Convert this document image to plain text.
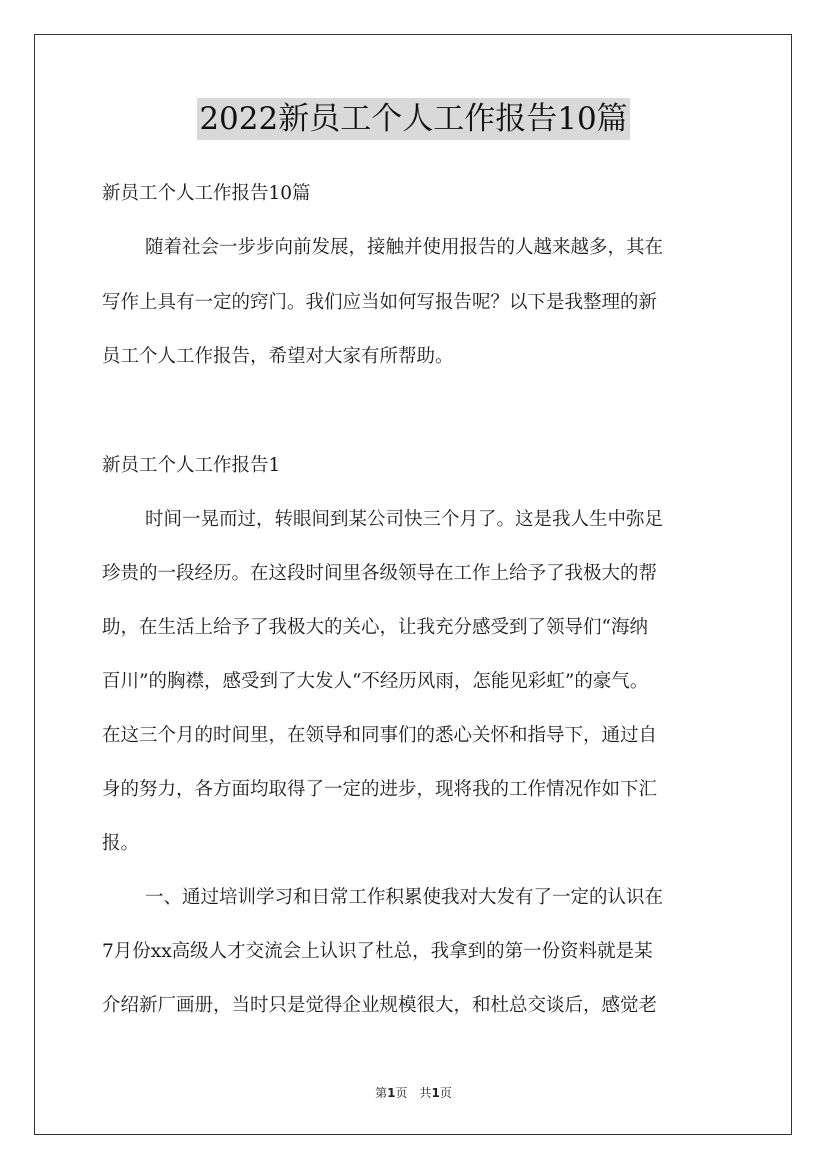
2022新员工个人工作报告10篇
新员工个人工作报告10篇
随着社会一步步向前发展，接触并使用报告的人越来越多，其在
写作上具有一定的窍门。我们应当如何写报告呢？以下是我整理的新
员工个人工作报告，希望对大家有所帮助。
新员工个人工作报告1
时间一晃而过，转眼间到某公司快三个月了。这是我人生中弥足
珍贵的一段经历。在这段时间里各级领导在工作上给予了我极大的帮
助，在生活上给予了我极大的关心，让我充分感受到了领导们“海纳
百川”的胸襟，感受到了大发人“不经历风雨，怎能见彩虹”的豪气。
在这三个月的时间里，在领导和同事们的悉心关怀和指导下，通过自
身的努力，各方面均取得了一定的进步，现将我的工作情况作如下汇
报。
一、通过培训学习和日常工作积累使我对大发有了一定的认识在
7月份xx高级人才交流会上认识了杜总，我拿到的第一份资料就是某
介绍新厂画册，当时只是觉得企业规模很大，和杜总交谈后，感觉老
第1页　共1页
